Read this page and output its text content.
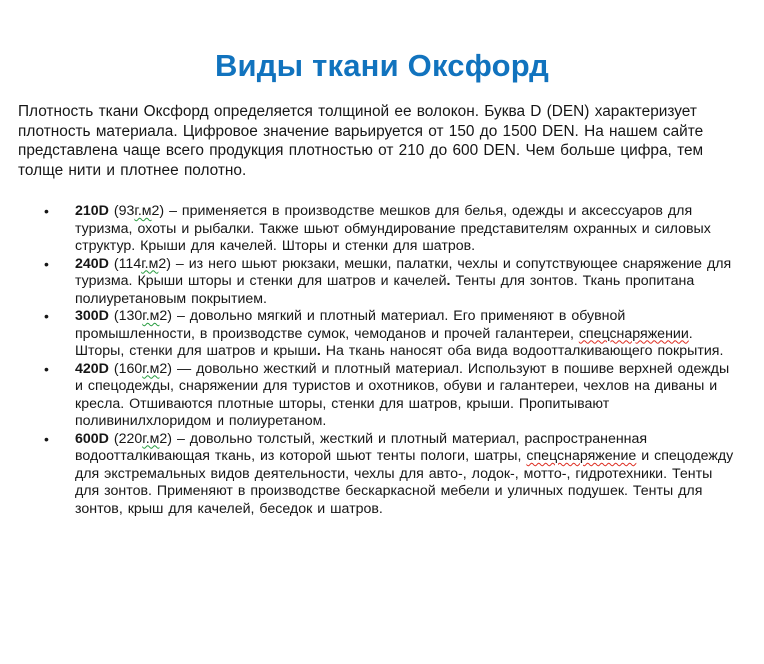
Виды ткани Оксфорд

Плотность ткани Оксфорд определяется толщиной ее волокон. Буква D (DEN) характеризует плотность материала. Цифровое значение варьируется от 150 до 1500 DEN. На нашем сайте представлена чаще всего продукция плотностью от 210 до 600 DEN. Чем больше цифра, тем толще нити и плотнее полотно.

• 210D (93г.м2) – применяется в производстве мешков для белья, одежды и аксессуаров для туризма, охоты и рыбалки. Также шьют обмундирование представителям охранных и силовых структур. Крыши для качелей. Шторы и стенки для шатров.
• 240D (114г.м2) – из него шьют рюкзаки, мешки, палатки, чехлы и сопутствующее снаряжение для туризма. Крыши шторы и стенки для шатров и качелей. Тенты для зонтов. Ткань пропитана полиуретановым покрытием.
• 300D (130г.м2) – довольно мягкий и плотный материал. Его применяют в обувной промышленности, в производстве сумок, чемоданов и прочей галантереи, спецснаряжении. Шторы, стенки для шатров и крыши. На ткань наносят оба вида водоотталкивающего покрытия.
• 420D (160г.м2) — довольно жесткий и плотный материал. Используют в пошиве верхней одежды и спецодежды, снаряжении для туристов и охотников, обуви и галантереи, чехлов на диваны и кресла. Отшиваются плотные шторы, стенки для шатров, крыши. Пропитывают поливинилхлоридом и полиуретаном.
• 600D (220г.м2) – довольно толстый, жесткий и плотный материал, распространенная водоотталкивающая ткань, из которой шьют тенты пологи, шатры, спецснаряжение и спецодежду для экстремальных видов деятельности, чехлы для авто-, лодок-, мотто-, гидротехники. Тенты для зонтов. Применяют в производстве бескаркасной мебели и уличных подушек. Тенты для зонтов, крыш для качелей, беседок и шатров.
